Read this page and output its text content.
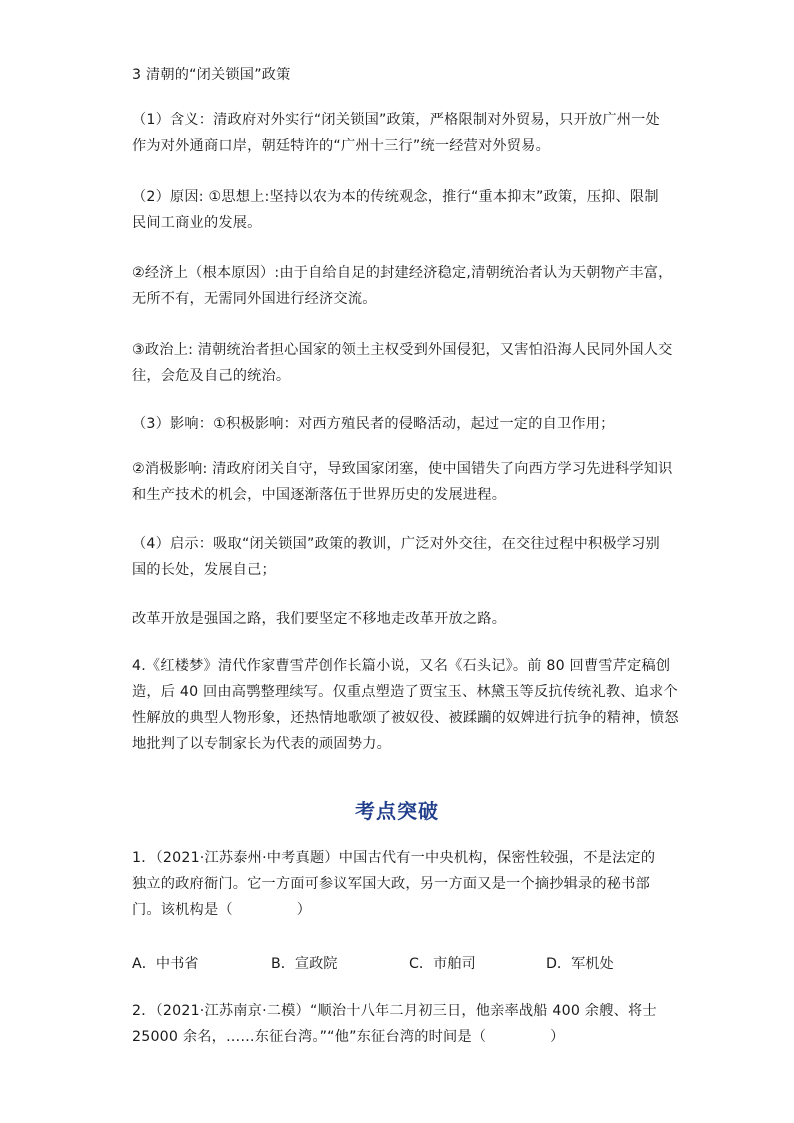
3 清朝的“闭关锁国”政策
（1）含义：清政府对外实行“闭关锁国”政策，严格限制对外贸易，只开放广州一处
作为对外通商口岸，朝廷特许的“广州十三行”统一经营对外贸易。
（2）原因: ①思想上:坚持以农为本的传统观念，推行“重本抑末”政策，压抑、限制
民间工商业的发展。
②经济上（根本原因）:由于自给自足的封建经济稳定,清朝统治者认为天朝物产丰富，
无所不有，无需同外国进行经济交流。
③政治上: 清朝统治者担心国家的领土主权受到外国侵犯，又害怕沿海人民同外国人交
往，会危及自己的统治。
（3）影响：①积极影响：对西方殖民者的侵略活动，起过一定的自卫作用；
②消极影响: 清政府闭关自守，导致国家闭塞，使中国错失了向西方学习先进科学知识
和生产技术的机会，中国逐渐落伍于世界历史的发展进程。
（4）启示：吸取“闭关锁国”政策的教训，广泛对外交往，在交往过程中积极学习别
国的长处，发展自己；
改革开放是强国之路，我们要坚定不移地走改革开放之路。
4.《红楼梦》清代作家曹雪芹创作长篇小说，又名《石头记》。前 80 回曹雪芹定稿创
造，后 40 回由高鹗整理续写。仅重点塑造了贾宝玉、林黛玉等反抗传统礼教、追求个
性解放的典型人物形象，还热情地歌颂了被奴役、被蹂躏的奴婢进行抗争的精神，愤怒
地批判了以专制家长为代表的顽固势力。
考点突破
1．（2021·江苏泰州·中考真题）中国古代有一中央机构，保密性较强，不是法定的
独立的政府衙门。它一方面可参议军国大政，另一方面又是一个摘抄辑录的秘书部
门。该机构是（	）
A．中书省	B．宣政院	C．市舶司	D．军机处
2．（2021·江苏南京·二模）“顺治十八年二月初三日，他亲率战船 400 余艘、将士
25000 余名，……东征台湾。”“他”东征台湾的时间是（	）
